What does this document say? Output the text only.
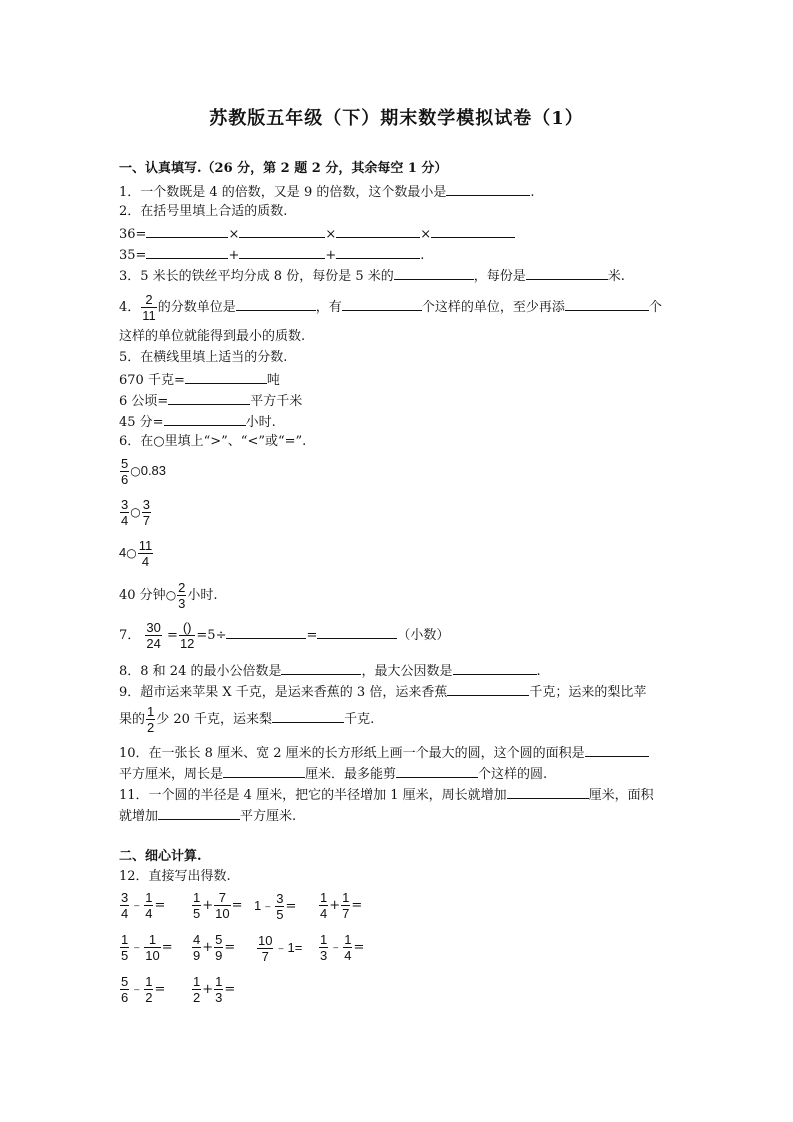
苏教版五年级（下）期末数学模拟试卷（1）
一、认真填写.（26 分，第 2 题 2 分，其余每空 1 分）
1．一个数既是 4 的倍数，又是 9 的倍数，这个数最小是	.
2．在括号里填上合适的质数.
36=	×	×	×
35=	+	+	.
3．5 米长的铁丝平均分成 8 份，每份是 5 米的	，每份是	米.
4． $\frac{2}{11}$ 的分数单位是	，有	个这样的单位，至少再添	个
这样的单位就能得到最小的质数.
5．在横线里填上适当的分数.
670 千克=	吨
6 公顷=	平方千米
45 分=	小时.
6．在○里填上“>”、“<”或“=”.
$\frac{5}{6}$ ○0.83
$\frac{3}{4}$ ○ $\frac{3}{7}$
4○ $\frac{11}{4}$
40 分钟○ $\frac{2}{3}$ 小时.
7． $\frac{30}{24} = \frac{()}{12} =5\div$	=	（小数）
8．8 和 24 的最小公倍数是	，最大公因数是	.
9．超市运来苹果 X 千克，是运来香蕉的 3 倍，运来香蕉	千克；运来的梨比苹
果的 $\frac{1}{2}$ 少 20 千克，运来梨	千克.
10．在一张长 8 厘米、宽 2 厘米的长方形纸上画一个最大的圆，这个圆的面积是
平方厘米，周长是	厘米．最多能剪	个这样的圆.
11．一个圆的半径是 4 厘米，把它的半径增加 1 厘米，周长就增加	厘米，面积
就增加	平方厘米.
二、细心计算.
12．直接写出得数.
$\frac{3}{4}$ ﹣ $\frac{1}{4} = \frac{1}{5} + \frac{7}{10}$ = 1﹣ $\frac{3}{5} = \frac{1}{4} + \frac{1}{7}$ =
$\frac{1}{5}$ ﹣ $\frac{1}{10} = \frac{4}{9} + \frac{5}{9} = \frac{10}{7}$ ﹣1= $\frac{1}{3}$ ﹣ $\frac{1}{4}$ =
$\frac{5}{6}$ ﹣ $\frac{1}{2} = \frac{1}{2} + \frac{1}{3}$ =
